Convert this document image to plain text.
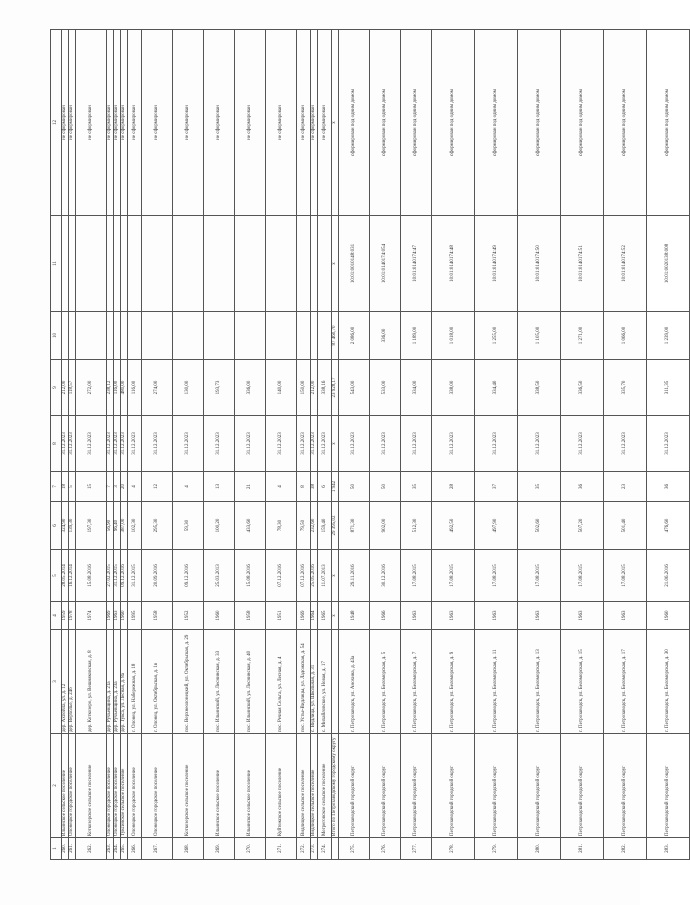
1	2	3	4	5	6	7	8	9	10	11	12
260.	Ильинское сельское поселение	дер. Ахпойла, ул. д. 12	1959	28.05.2014	324,90	18	31.12.2023	212,00			не сформирован
261.	Олонецкое городское поселение	дер. Верхолье, д. 24б	1978	16.12.2014	139,30	5	31.12.2023	118,57			не сформирован
262.	Коткозерское сельское поселение	дер. Коткозеро, ул. Вешняковская, д. 8	1974	15.08.2016	197,30	15	31.12.2023	272,00			не сформирован
263.	Олонецкое городское поселение	дер. Ручьевщина, д. 21а	1969	27.02.2015	56,90	7	31.12.2023	238,12			не сформирован
264.	Олонецкое городское поселение	дер. Ручьевщина, д. 23а	1963	31.12.2015	96,40	3	31.12.2023	116,00			не сформирован
265.	Туксинское сельское поселение	дер. Тукса, ул. Лесная, д. 8а	1960	09.12.2016	387,00	20	31.12.2023	480,00			не сформирован
266.	Олонецкое городское поселение	г. Олонец, ул. Набережная, д. 18	1995	31.12.2015	102,30	4	31.12.2023	116,00			не сформирован
267.	Олонецкое городское поселение	г. Олонец, ул. Октябрьская, д. 1в	1958	20.09.2016	295,30	12	31.12.2023	274,00			не сформирован
268.	Коткозерское сельское поселение	пос. Верхнеолонецкий, ул. Октябрьская, д. 29	1952	09.12.2016	59,30	4	31.12.2023	130,00			не сформирован
269.	Ильинское сельское поселение	пос. Ильинский, ул. Леснинская, д. 33	1960	25.03.2013	100,20	13	31.12.2023	193,73			не сформирован
270.	Ильинское сельское поселение	пос. Ильинский, ул. Леснинская, д. 40	1958	15.08.2016	433,60	21	31.12.2023	336,00			не сформирован
271.	Куйтежское сельское поселение	пос. Речная Сельга, ул. Лесная, д. 4	1951	07.12.2016	78,30	4	31.12.2023	140,00			не сформирован
272.	Видлицкое сельское поселение	пос. Устье-Видлицы, ул. Ладожская, д. 54	1969	07.12.2016	79,50	8	31.12.2023	150,00			не сформирован
273.	Видлицкое сельское поселение	с. Видлица, ул. Школьная, д. 31	1964	25.05.2016	232,60	38	31.12.2023	212,00			не сформирован
274.	Мегреговское сельское поселение	с. Михайловское, ул. Новая, д. 17	1965	11.07.2013	159,40	6	31.12.2023	338,16			не сформирован
	Итого по Петрозаводскому городскому округу		х	х	29 395,02	1 942	х	23 928,17	87 460,70	х	х
275.	Петрозаводский городской округ	г. Петрозаводск, ул. Анохина, д. 43а	1948	29.11.2016	871,30	50	31.12.2023	543,00	2 086,00	10:01:0010148:031	сформирован под одним домом
276.	Петрозаводский городской округ	г. Петрозаводск, ул. Беломорская, д. 5	1966	30.12.2016	902,00	50	31.12.2023	533,00	336,00	10:01:0140174:054	сформирован под одним домом
277.	Петрозаводский городской округ	г. Петрозаводск, ул. Беломорская, д. 7	1963	17.08.2015	512,30	35	31.12.2023	334,00	1 189,00	10:01:0140174:47	сформирован под одним домом
278.	Петрозаводский городской округ	г. Петрозаводск, ул. Беломорская, д. 9	1963	17.08.2015	492,50	28	31.12.2023	338,00	1 018,00	10:01:0140174:48	сформирован под одним домом
279.	Петрозаводский городской округ	г. Петрозаводск, ул. Беломорская, д. 11	1963	17.08.2015	497,90	37	31.12.2023	334,40	1 255,00	10:01:0140174:49	сформирован под одним домом
280.	Петрозаводский городской округ	г. Петрозаводск, ул. Беломорская, д. 13	1963	17.08.2015	502,60	35	31.12.2023	338,50	1 105,00	10:01:0140174:50	сформирован под одним домом
281.	Петрозаводский городской округ	г. Петрозаводск, ул. Беломорская, д. 15	1963	17.08.2015	507,20	36	31.12.2023	336,50	1 271,00	10:01:0140174:51	сформирован под одним домом
282.	Петрозаводский городской округ	г. Петрозаводск, ул. Беломорская, д. 17	1963	17.08.2015	501,40	23	31.12.2023	335,70	1 066,00	10:01:0140174:52	сформирован под одним домом
283.	Петрозаводский городской округ	г. Петрозаводск, ул. Беломорская, д. 30	1960	21.06.2016	476,60	36	31.12.2023	311,35	1 239,00	10:01:0020138:008	сформирован под одним домом
